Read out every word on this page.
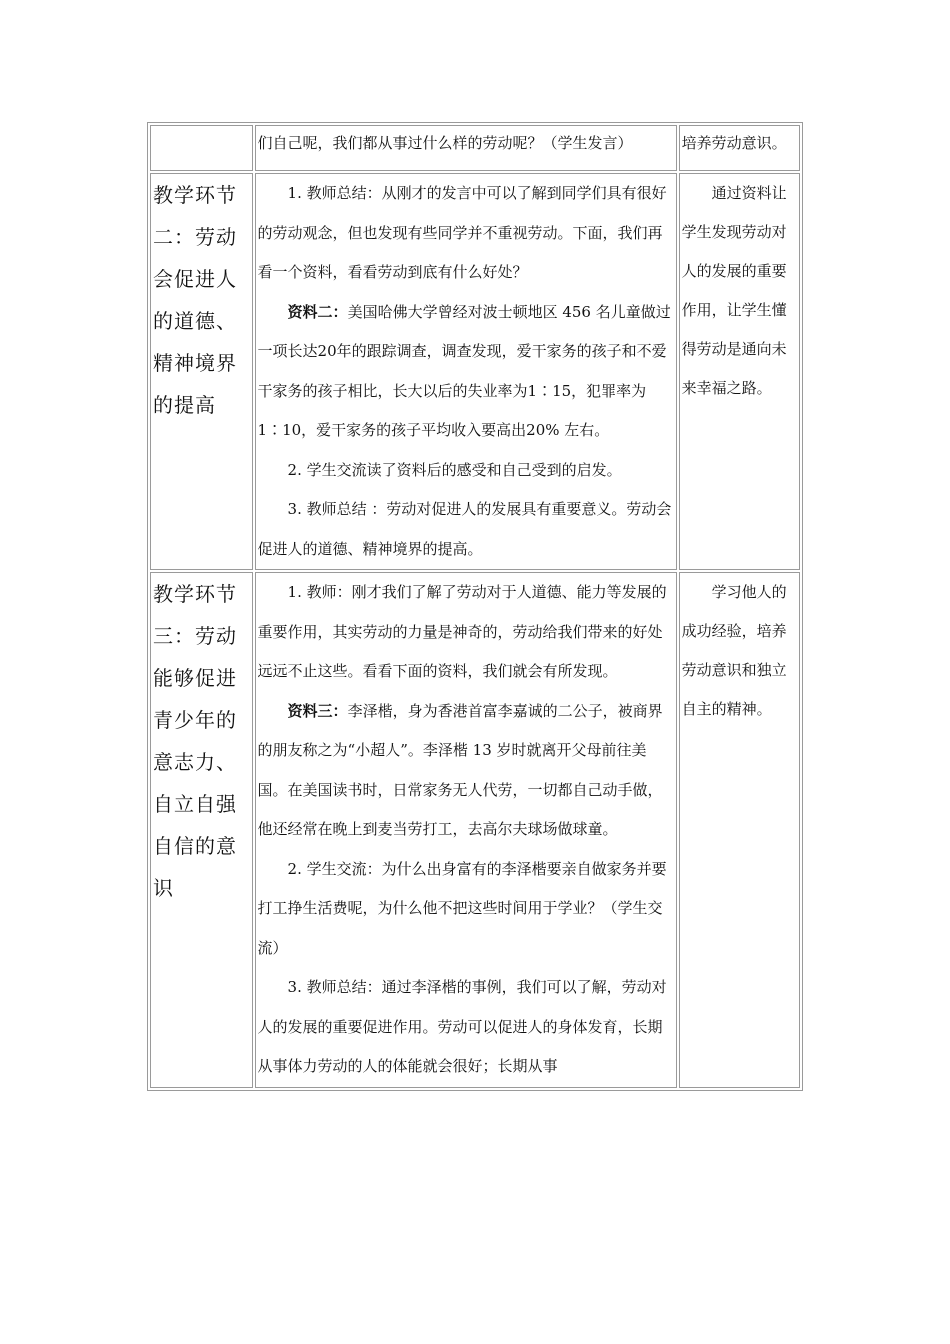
	们自己呢，我们都从事过什么样的劳动呢？（学生发言）	培养劳动意识。

教学环节二：劳动会促进人的道德、精神境界的提高	1. 教师总结：从刚才的发言中可以了解到同学们具有很好的劳动观念，但也发现有些同学并不重视劳动。下面，我们再看一个资料，看看劳动到底有什么好处？

资料二：美国哈佛大学曾经对波士顿地区 456 名儿童做过一项长达20年的跟踪调查，调查发现，爱干家务的孩子和不爱干家务的孩子相比，长大以后的失业率为1∶15，犯罪率为1∶10，爱干家务的孩子平均收入要高出20% 左右。

2. 学生交流读了资料后的感受和自己受到的启发。

3. 教师总结 ：劳动对促进人的发展具有重要意义。劳动会促进人的道德、精神境界的提高。	通过资料让学生发现劳动对人的发展的重要作用，让学生懂得劳动是通向未来幸福之路。

教学环节三：劳动能够促进青少年的意志力、自立自强自信的意识	1. 教师：刚才我们了解了劳动对于人道德、能力等发展的重要作用，其实劳动的力量是神奇的，劳动给我们带来的好处远远不止这些。看看下面的资料，我们就会有所发现。

资料三：李泽楷，身为香港首富李嘉诚的二公子，被商界的朋友称之为“小超人”。李泽楷 13 岁时就离开父母前往美国。在美国读书时，日常家务无人代劳，一切都自己动手做，他还经常在晚上到麦当劳打工，去高尔夫球场做球童。

2. 学生交流：为什么出身富有的李泽楷要亲自做家务并要打工挣生活费呢，为什么他不把这些时间用于学业？（学生交流）

3. 教师总结：通过李泽楷的事例，我们可以了解，劳动对人的发展的重要促进作用。劳动可以促进人的身体发育，长期从事体力劳动的人的体能就会很好；长期从事	学习他人的成功经验，培养劳动意识和独立自主的精神。
